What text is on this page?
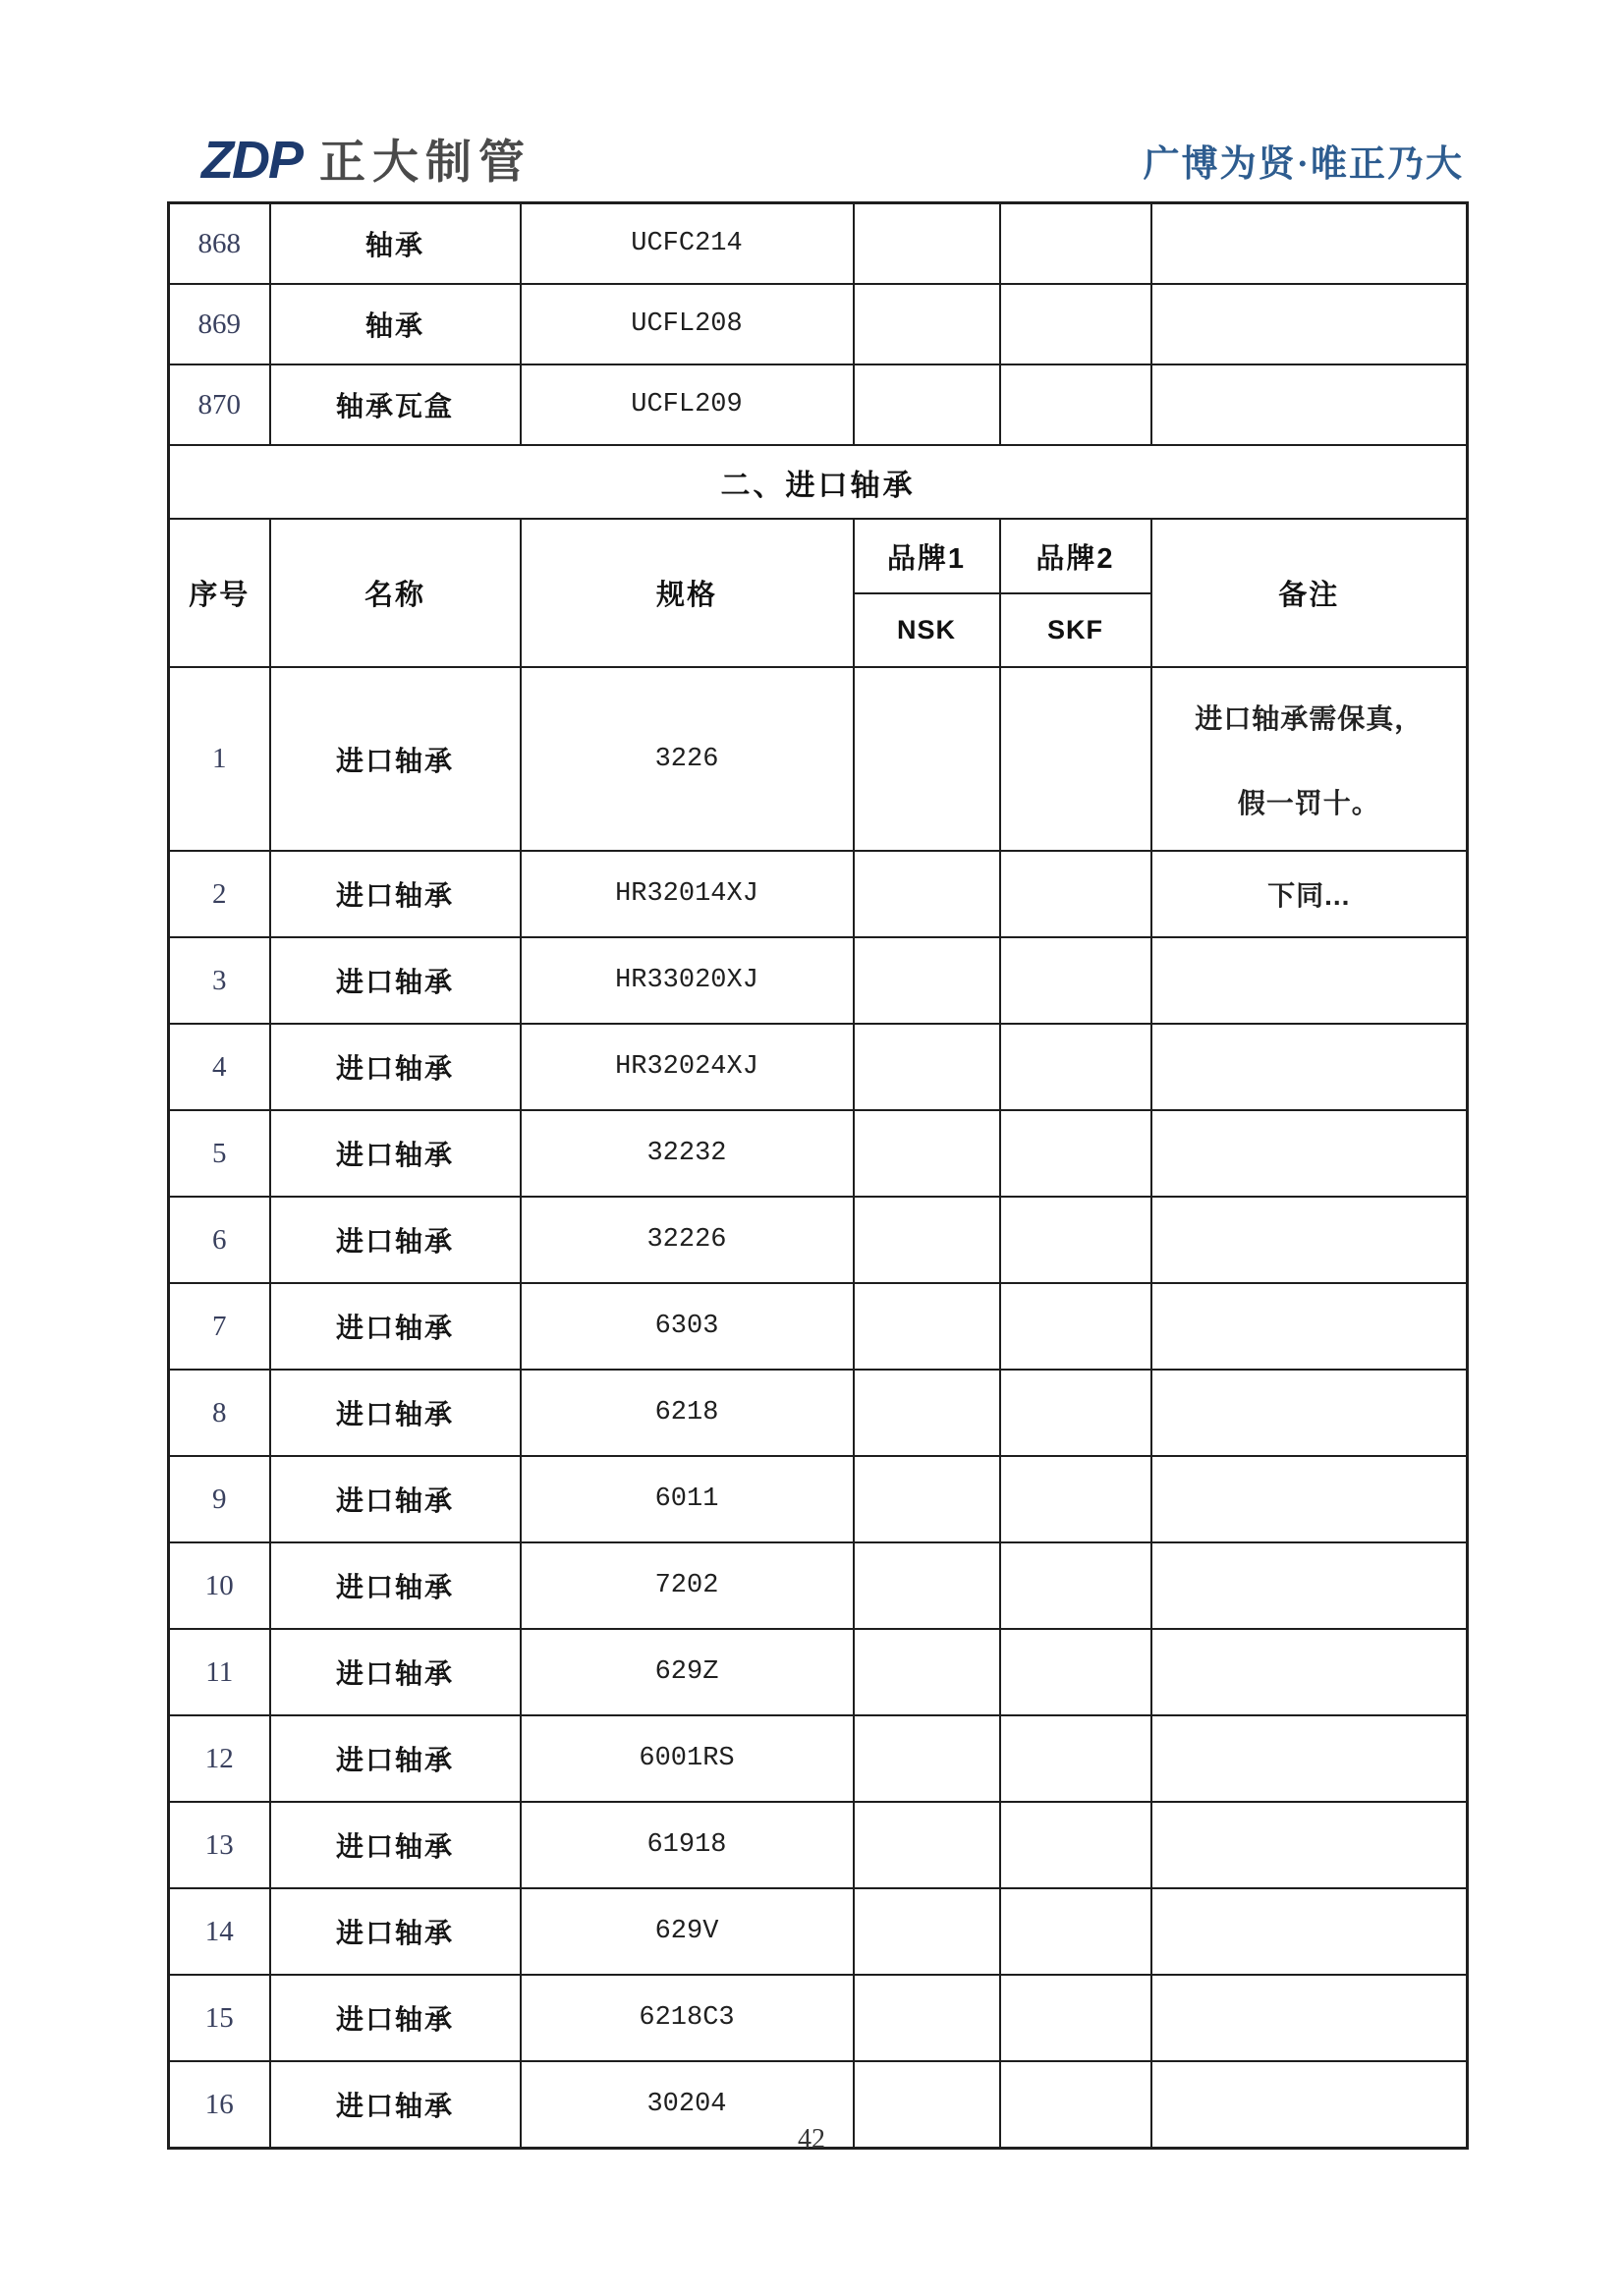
ZDP 正大制管	广博为贤·唯正乃大
868	轴承	UCFC214			
869	轴承	UCFL208			
870	轴承瓦盒	UCFL209			
二、进口轴承					
序号	名称	规格	品牌1	品牌2	备注
			NSK	SKF	
1	进口轴承	3226			进口轴承需保真，
假一罚十。

2	进口轴承	HR32014XJ			下同...

3	进口轴承	HR33020XJ			
4	进口轴承	HR32024XJ			
5	进口轴承	32232			
6	进口轴承	32226			
7	进口轴承	6303			
8	进口轴承	6218			
9	进口轴承	6011			
10	进口轴承	7202			
11	进口轴承	629Z			
12	进口轴承	6001RS			
13	进口轴承	61918			
14	进口轴承	629V			
15	进口轴承	6218C3			
16	进口轴承	30204			
42
